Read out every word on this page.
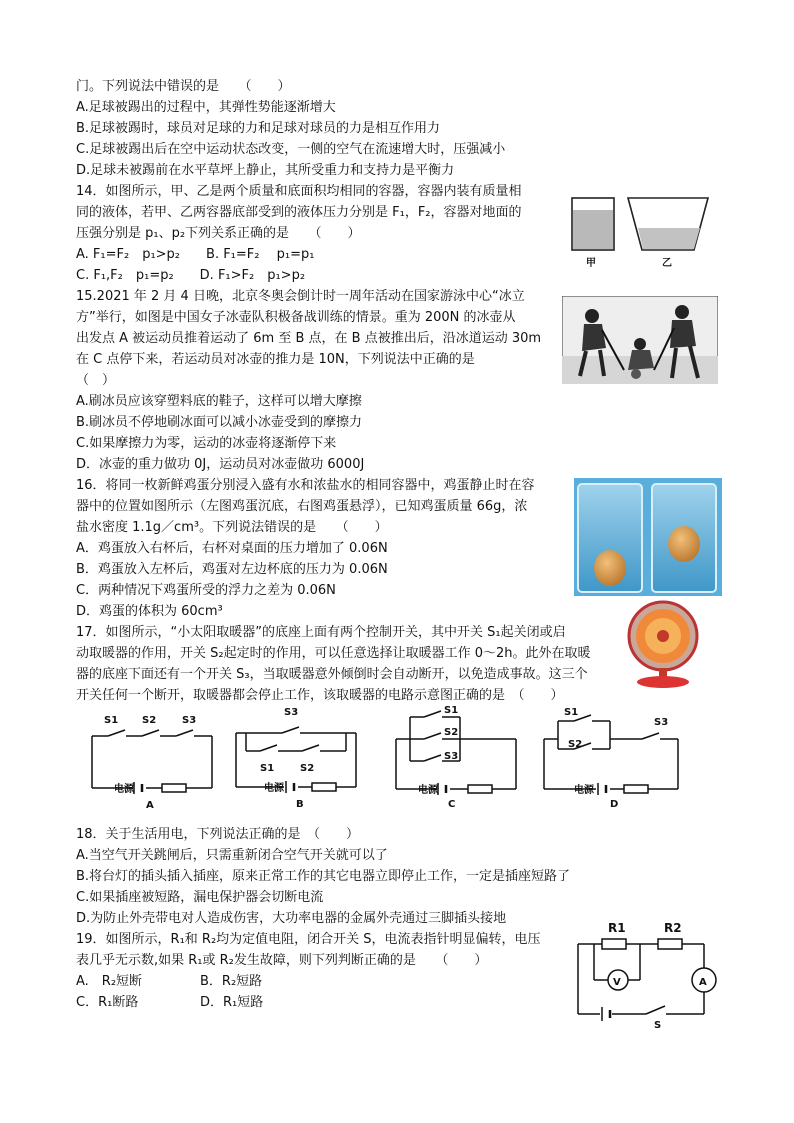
门。下列说法中错误的是　　（　　）
A.足球被踢出的过程中，其弹性势能逐渐增大
B.足球被踢时，球员对足球的力和足球对球员的力是相互作用力
C.足球被踢出后在空中运动状态改变，一侧的空气在流速增大时，压强减小
D.足球未被踢前在水平草坪上静止，其所受重力和支持力是平衡力
14．如图所示，甲、乙是两个质量和底面积均相同的容器，容器内装有质量相
同的液体，若甲、乙两容器底部受到的液体压力分别是 F₁，F₂，容器对地面的
压强分别是 p₁、p₂下列关系正确的是　　（　　）
A. F₁=F₂　p₁>p₂　　B. F₁=F₂　 p₁=p₁
C. F₁,F₂　p₁=p₂　　D. F₁>F₂　p₁>p₂
甲	乙
15.2021 年 2 月 4 日晚，北京冬奥会倒计时一周年活动在国家游泳中心“冰立
方”举行，如图是中国女子冰壶队积极备战训练的情景。重为 200N 的冰壶从
出发点 A 被运动员推着运动了 6m 至 B 点，在 B 点被推出后，沿冰道运动 30m
在 C 点停下来，若运动员对冰壶的推力是 10N，下列说法中正确的是
（　）
A.刷冰员应该穿塑料底的鞋子，这样可以增大摩擦
B.刷冰员不停地刷冰面可以减小冰壶受到的摩擦力
C.如果摩擦力为零，运动的冰壶将逐渐停下来
D．冰壶的重力做功 0J，运动员对冰壶做功 6000J
16．将同一枚新鲜鸡蛋分别浸入盛有水和浓盐水的相同容器中，鸡蛋静止时在容
器中的位置如图所示（左图鸡蛋沉底，右图鸡蛋悬浮），已知鸡蛋质量 66g，浓
盐水密度 1.1g／cm³。下列说法错误的是　　（　　）
A．鸡蛋放入右杯后，右杯对桌面的压力增加了 0.06N
B．鸡蛋放入左杯后，鸡蛋对左边杯底的压力为 0.06N
C．两种情况下鸡蛋所受的浮力之差为 0.06N
D．鸡蛋的体积为 60cm³
17．如图所示，“小太阳取暖器”的底座上面有两个控制开关，其中开关 S₁起关闭或启
动取暖器的作用，开关 S₂起定时的作用，可以任意选择让取暖器工作 0～2h。此外在取暖
器的底座下面还有一个开关 S₃，当取暖器意外倾倒时会自动断开，以免造成事故。这三个
开关任何一个断开，取暖器都会停止工作，该取暖器的电路示意图正确的是　（　　）
S1 S2	S3
电源
A
S3
S1	S2
电源
B
S1
S2
S3
电源
C
S1
S2
S3
电源
D
18．关于生活用电，下列说法正确的是　（　　）
A.当空气开关跳闸后，只需重新闭合空气开关就可以了
B.将台灯的插头插入插座，原来正常工作的其它电器立即停止工作，一定是插座短路了
C.如果插座被短路，漏电保护器会切断电流
D.为防止外壳带电对人造成伤害，大功率电器的金属外壳通过三脚插头接地
19．如图所示，R₁和 R₂均为定值电阻，闭合开关 S，电流表指针明显偏转，电压
表几乎无示数,如果 R₁或 R₂发生故障，则下列判断正确的是　　（　　）
A.　R₂短断	B．R₂短路
C．R₁断路	D．R₁短路
R1	R2
V	A
S
